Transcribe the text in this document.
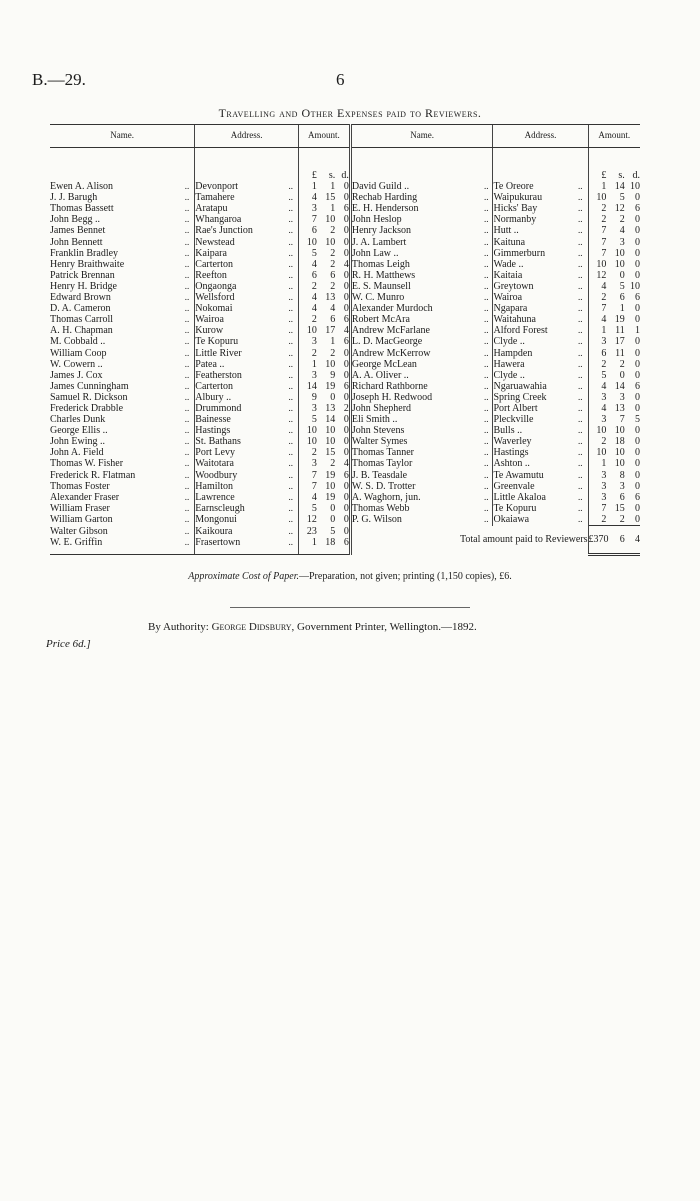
B.—29.	6
Travelling and Other Expenses paid to Reviewers.
Name.		Address.		Amount.			Name.		Address.		Amount.		
				£	s.	d.					£	s.	d.
Ewen A. Alison	..	Devonport	..	1	1	0	David Guild ..	..	Te Oreore	..	1	14	10
J. J. Barugh	..	Tamahere	..	4	15	0	Rechab Harding	..	Waipukurau	..	10	5	0
Thomas Bassett	..	Aratapu	..	3	1	6	E. H. Henderson	..	Hicks' Bay	..	2	12	6
John Begg ..	..	Whangaroa	..	7	10	0	John Heslop	..	Normanby	..	2	2	0
James Bennet	..	Rae's Junction	..	6	2	0	Henry Jackson	..	Hutt ..	..	7	4	0
John Bennett	..	Newstead	..	10	10	0	J. A. Lambert	..	Kaituna	..	7	3	0
Franklin Bradley	..	Kaipara	..	5	2	0	John Law ..	..	Gimmerburn	..	7	10	0
Henry Braithwaite	..	Carterton	..	4	2	4	Thomas Leigh	..	Wade ..	..	10	10	0
Patrick Brennan	..	Reefton	..	6	6	0	R. H. Matthews	..	Kaitaia	..	12	0	0
Henry H. Bridge	..	Ongaonga	..	2	2	0	E. S. Maunsell	..	Greytown	..	4	5	10
Edward Brown	..	Wellsford	..	4	13	0	W. C. Munro	..	Wairoa	..	2	6	6
D. A. Cameron	..	Nokomai	..	4	4	0	Alexander Murdoch	..	Ngapara	..	7	1	0
Thomas Carroll	..	Wairoa	..	2	6	6	Robert McAra	..	Waitahuna	..	4	19	0
A. H. Chapman	..	Kurow	..	10	17	4	Andrew McFarlane	..	Alford Forest	..	1	11	1
M. Cobbald ..	..	Te Kopuru	..	3	1	6	L. D. MacGeorge	..	Clyde ..	..	3	17	0
William Coop	..	Little River	..	2	2	0	Andrew McKerrow	..	Hampden	..	6	11	0
W. Cowern ..	..	Patea ..	..	1	10	0	George McLean	..	Hawera	..	2	2	0
James J. Cox	..	Featherston	..	3	9	0	A. A. Oliver ..	..	Clyde ..	..	5	0	0
James Cunningham	..	Carterton	..	14	19	6	Richard Rathborne	..	Ngaruawahia	..	4	14	6
Samuel R. Dickson	..	Albury ..	..	9	0	0	Joseph H. Redwood	..	Spring Creek	..	3	3	0
Frederick Drabble	..	Drummond	..	3	13	2	John Shepherd	..	Port Albert	..	4	13	0
Charles Dunk	..	Bainesse	..	5	14	0	Eli Smith ..	..	Pleckville	..	3	7	5
George Ellis ..	..	Hastings	..	10	10	0	John Stevens	..	Bulls ..	..	10	10	0
John Ewing ..	..	St. Bathans	..	10	10	0	Walter Symes	..	Waverley	..	2	18	0
John A. Field	..	Port Levy	..	2	15	0	Thomas Tanner	..	Hastings	..	10	10	0
Thomas W. Fisher	..	Waitotara	..	3	2	4	Thomas Taylor	..	Ashton ..	..	1	10	0
Frederick R. Flatman	..	Woodbury	..	7	19	6	J. B. Teasdale	..	Te Awamutu	..	3	8	0
Thomas Foster	..	Hamilton	..	7	10	0	W. S. D. Trotter	..	Greenvale	..	3	3	0
Alexander Fraser	..	Lawrence	..	4	19	0	A. Waghorn, jun.	..	Little Akaloa	..	3	6	6
William Fraser	..	Earnscleugh	..	5	0	0	Thomas Webb	..	Te Kopuru	..	7	15	0
William Garton	..	Mongonui	..	12	0	0	P. G. Wilson	..	Okaiawa	..	2	2	0
Walter Gibson	..	Kaikoura	..	23	5	0	Total amount paid to Reviewers				£370	6	4
W. E. Griffin	..	Frasertown	..	1	18	6							
Approximate Cost of Paper.—Preparation, not given; printing (1,150 copies), £6.
By Authority: George Didsbury, Government Printer, Wellington.—1892.
Price 6d.]
